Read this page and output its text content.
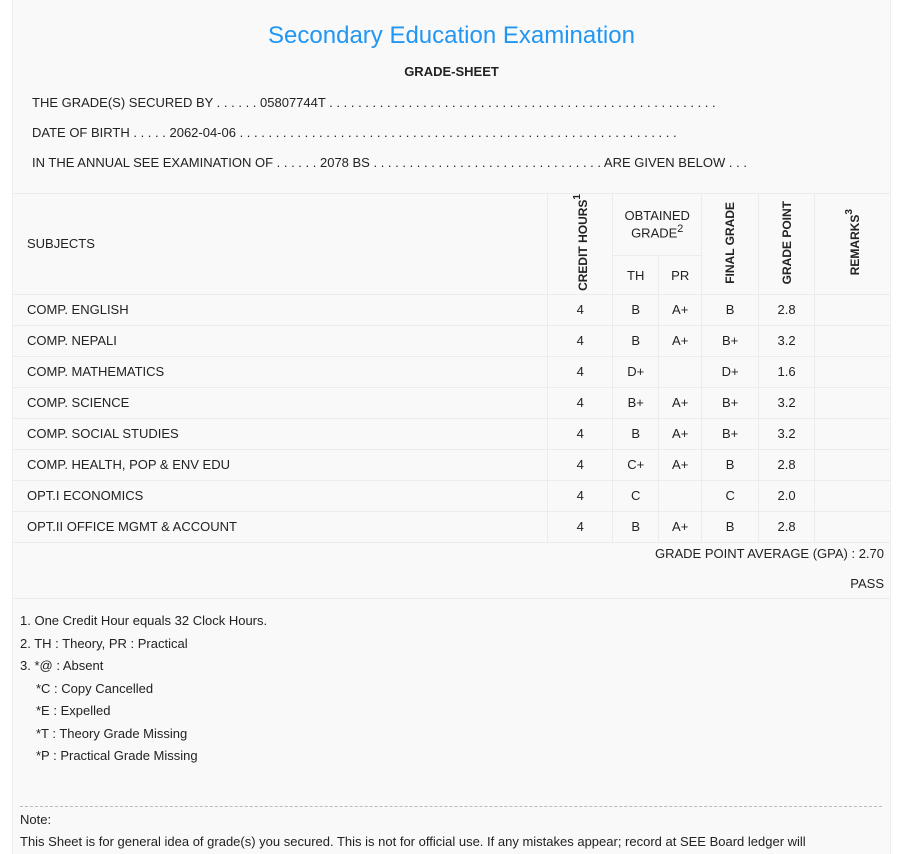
Secondary Education Examination
GRADE-SHEET
THE GRADE(S) SECURED BY . . . . . . 05807744T . . . . . . . . . . . . . . . . . . . . . . . . . . . . . . . . . . . . . . . . . . . . . . . . . . . . . .
DATE OF BIRTH . . . . . 2062-04-06 . . . . . . . . . . . . . . . . . . . . . . . . . . . . . . . . . . . . . . . . . . . . . . . . . . . . . . . . . . . . .
IN THE ANNUAL SEE EXAMINATION OF . . . . . . 2078 BS . . . . . . . . . . . . . . . . . . . . . . . . . . . . . . . . ARE GIVEN BELOW . . .
SUBJECTS	CREDIT HOURS$^1$	OBTAINED GRADE$^2$		FINAL GRADE	GRADE POINT	REMARKS$^3$
		TH	PR			
COMP. ENGLISH	4	B	A+	B	2.8	
COMP. NEPALI	4	B	A+	B+	3.2	
COMP. MATHEMATICS	4	D+		D+	1.6	
COMP. SCIENCE	4	B+	A+	B+	3.2	
COMP. SOCIAL STUDIES	4	B	A+	B+	3.2	
COMP. HEALTH, POP & ENV EDU	4	C+	A+	B	2.8	
OPT.I ECONOMICS	4	C		C	2.0	
OPT.II OFFICE MGMT & ACCOUNT	4	B	A+	B	2.8	
GRADE POINT AVERAGE (GPA) : 2.70
PASS
1. One Credit Hour equals 32 Clock Hours.
2. TH : Theory, PR : Practical
3. *@ : Absent
*C : Copy Cancelled
*E : Expelled
*T : Theory Grade Missing
*P : Practical Grade Missing
Note:
This Sheet is for general idea of grade(s) you secured. This is not for official use. If any mistakes appear; record at SEE Board ledger will
